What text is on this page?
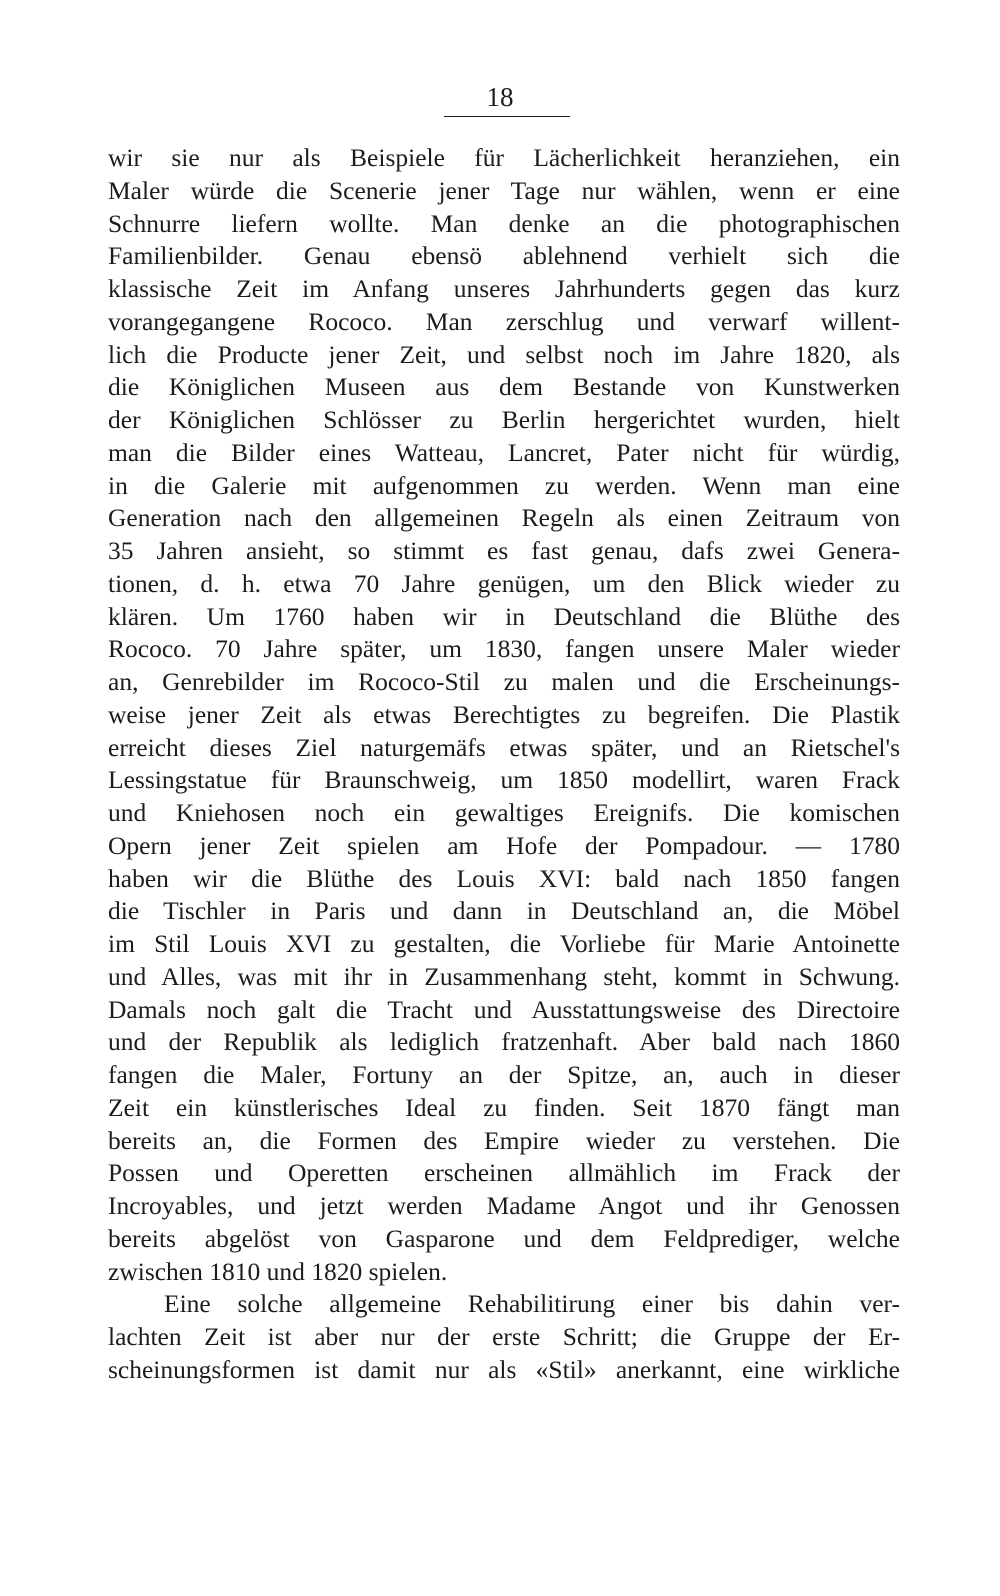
18
wir sie nur als Beispiele für Lächerlichkeit heranziehen, ein
Maler würde die Scenerie jener Tage nur wählen, wenn er eine
Schnurre liefern wollte. Man denke an die photographischen
Familienbilder. Genau ebensö ablehnend verhielt sich die
klassische Zeit im Anfang unseres Jahrhunderts gegen das kurz
vorangegangene Rococo. Man zerschlug und verwarf willent-
lich die Producte jener Zeit, und selbst noch im Jahre 1820, als
die Königlichen Museen aus dem Bestande von Kunstwerken
der Königlichen Schlösser zu Berlin hergerichtet wurden, hielt
man die Bilder eines Watteau, Lancret, Pater nicht für würdig,
in die Galerie mit aufgenommen zu werden. Wenn man eine
Generation nach den allgemeinen Regeln als einen Zeitraum von
35 Jahren ansieht, so stimmt es fast genau, dafs zwei Genera-
tionen, d. h. etwa 70 Jahre genügen, um den Blick wieder zu
klären. Um 1760 haben wir in Deutschland die Blüthe des
Rococo. 70 Jahre später, um 1830, fangen unsere Maler wieder
an, Genrebilder im Rococo-Stil zu malen und die Erscheinungs-
weise jener Zeit als etwas Berechtigtes zu begreifen. Die Plastik
erreicht dieses Ziel naturgemäfs etwas später, und an Rietschel's
Lessingstatue für Braunschweig, um 1850 modellirt, waren Frack
und Kniehosen noch ein gewaltiges Ereignifs. Die komischen
Opern jener Zeit spielen am Hofe der Pompadour. — 1780
haben wir die Blüthe des Louis XVI: bald nach 1850 fangen
die Tischler in Paris und dann in Deutschland an, die Möbel
im Stil Louis XVI zu gestalten, die Vorliebe für Marie Antoinette
und Alles, was mit ihr in Zusammenhang steht, kommt in Schwung.
Damals noch galt die Tracht und Ausstattungsweise des Directoire
und der Republik als lediglich fratzenhaft. Aber bald nach 1860
fangen die Maler, Fortuny an der Spitze, an, auch in dieser
Zeit ein künstlerisches Ideal zu finden. Seit 1870 fängt man
bereits an, die Formen des Empire wieder zu verstehen. Die
Possen und Operetten erscheinen allmählich im Frack der
Incroyables, und jetzt werden Madame Angot und ihr Genossen
bereits abgelöst von Gasparone und dem Feldprediger, welche
zwischen 1810 und 1820 spielen.
Eine solche allgemeine Rehabilitirung einer bis dahin ver-
lachten Zeit ist aber nur der erste Schritt; die Gruppe der Er-
scheinungsformen ist damit nur als «Stil» anerkannt, eine wirkliche
